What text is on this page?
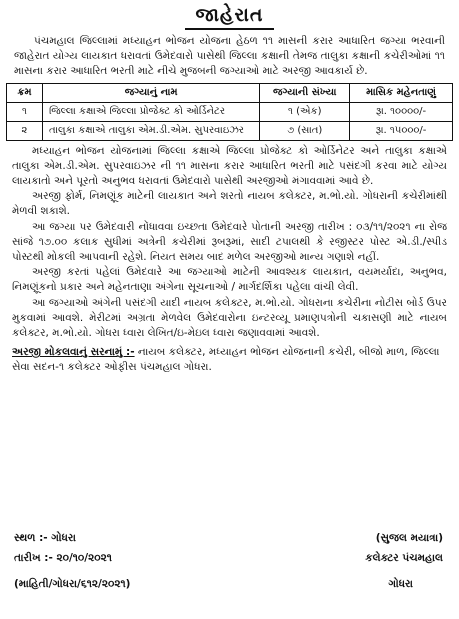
જાહેરાત

પંચમહાલ જિલ્લામાં મધ્યાહન ભોજન યોજના હેઠળ ૧૧ માસની કરાર આધારિત જગ્યા ભરવાની જાહેરાત યોગ્ય લાયકાત ધરાવતાં ઉમેદવારો પાસેથી જિલ્લા કક્ષાની તેમજ તાલુકા કક્ષાની કચેરીઓમાં ૧૧ માસના કરાર આધારિત ભરતી માટે નીચે મુજબની જગ્યાઓ માટે અરજી આવકાર્ય છે.

ક્રમ	જગ્યાનું નામ	જગ્યાની સંખ્યા	માસિક મહેનતાણું
૧	જિલ્લા કક્ષાએ જિલ્લા પ્રોજેક્ટ કો ઓર્ડિનેટર	૧ (એક)	રૂા. ૧૦૦૦૦/-
૨	તાલુકા કક્ષાએ તાલુકા એમ.ડી.એમ. સુપરવાઇઝર	૭ (સાત)	રૂા. ૧૫૦૦૦/-

મધ્યાહન ભોજન યોજનામાં જિલ્લા કક્ષાએ જિલ્લા પ્રોજેક્ટ કો ઓર્ડિનેટર અને તાલુકા કક્ષાએ તાલુકા એમ.ડી.એમ. સુપરવાઇઝર ની ૧૧ માસના કરાર આધારિત ભરતી માટે પસંદગી કરવા માટે યોગ્ય લાયકાતો અને પૂરતો અનુભવ ધરાવતાં ઉમેદવારો પાસેથી અરજીઓ મંગાવવામાં આવે છે.

અરજી ફોર્મ, નિમણૂંક માટેની લાયકાત અને શરતો નાયબ કલેક્ટર, મ.ભો.યો. ગોધરાની કચેરીમાંથી મેળવી શકાશે.

આ જગ્યા પર ઉમેદવારી નોંધાવવા ઇચ્છતા ઉમેદવારે પોતાની અરજી તારીખ : ૦૩/૧૧/૨૦૨૧ ના રોજ સાંજે ૧૭.૦૦ કલાક સુધીમાં અત્રેની કચેરીમાં રૂબરૂમાં, સાદી ટપાલથી કે રજીસ્ટર પોસ્ટ એ.ડી./સ્પીડ પોસ્ટથી મોકલી આપવાની રહેશે. નિયત સમય બાદ મળેલ અરજીઓ માન્ય ગણાશે નહીં.

અરજી કરતાં પહેલાં ઉમેદવારે આ જગ્યાઓ માટેની આવશ્યક લાયકાત, વયમર્યાદા, અનુભવ, નિમણૂંકનો પ્રકાર અને મહેનતાણા અંગેના સૂચનાઓ / માર્ગદર્શિકા પહેલા વાંચી લેવી.

આ જગ્યાઓ અંગેની પસંદગી યાદી નાયબ કલેક્ટર, મ.ભો.યો. ગોધરાના કચેરીના નોટીસ બોર્ડ ઉપર મુકવામાં આવશે. મેરીટમાં અગ્રતા મેળવેલ ઉમેદવારોના ઇન્ટરવ્યૂ પ્રમાણપત્રોની ચકાસણી માટે નાયબ કલેક્ટર, મ.ભો.યો. ગોધરા ધ્વારા લેખિત/ઇ-મેઇલ ધ્વારા જણાવવામાં આવશે.

અરજી મોકલવાનું સરનામું :- નાયબ કલેક્ટર, મધ્યાહન ભોજન યોજનાની કચેરી, બીજો માળ, જિલ્લા સેવા સદન-૧ કલેક્ટર ઓફીસ પંચમહાલ ગોધરા.
સ્થળ :- ગોધરા
તારીખ :- ૨૦/૧૦/૨૦૨૧
(માહિતી/ગોધરા/૬૧૨/૨૦૨૧)
(સુજલ મયાત્રા)
કલેક્ટર પંચમહાલ
ગોધરા
